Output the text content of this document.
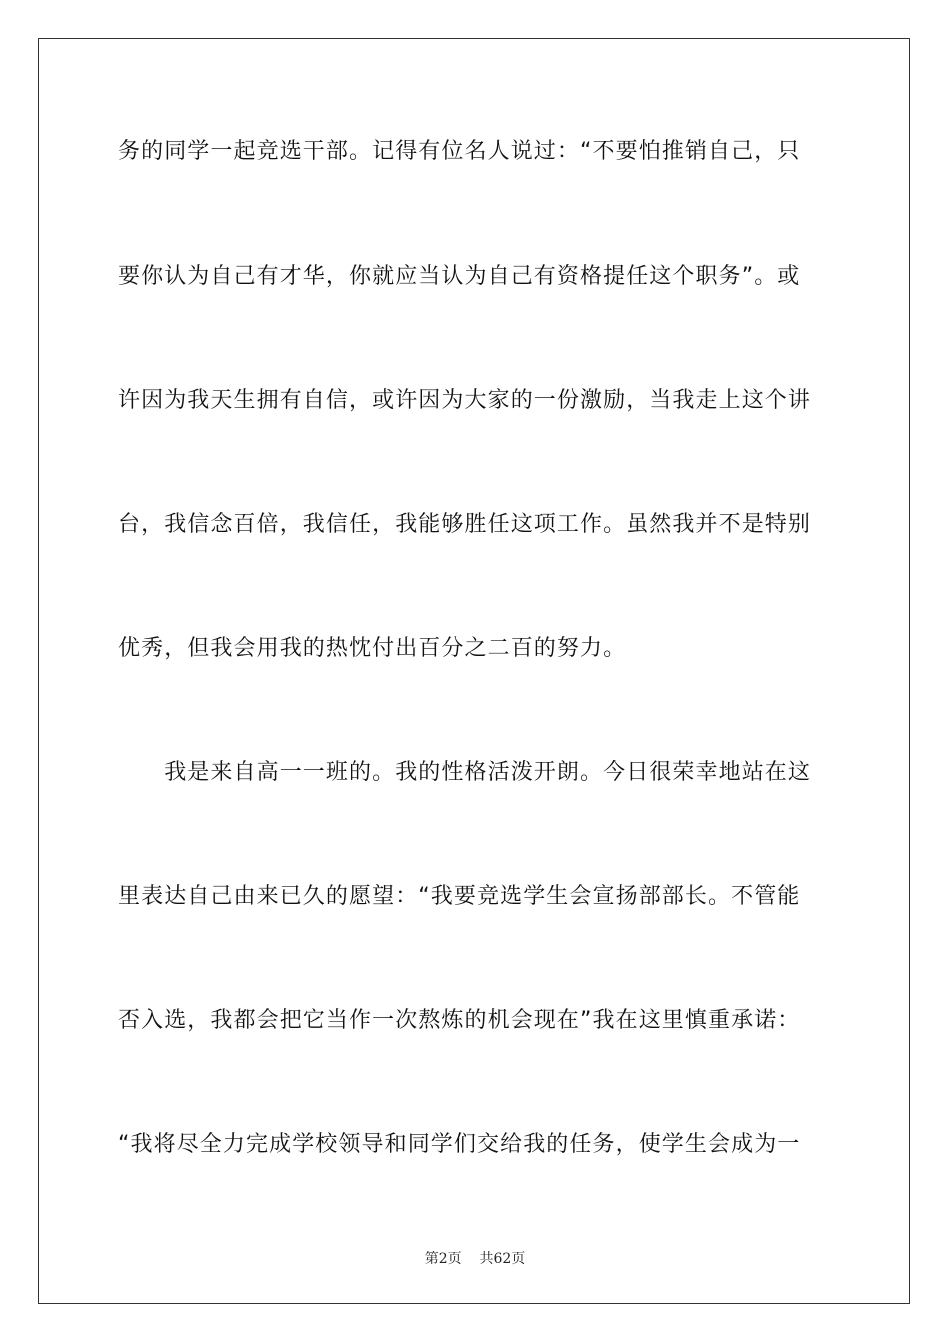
务的同学一起竞选干部。记得有位名人说过：“不要怕推销自己，只
要你认为自己有才华，你就应当认为自己有资格提任这个职务”。或
许因为我天生拥有自信，或许因为大家的一份激励，当我走上这个讲
台，我信念百倍，我信任，我能够胜任这项工作。虽然我并不是特别
优秀，但我会用我的热忱付出百分之二百的努力。
　　我是来自高一一班的。我的性格活泼开朗。今日很荣幸地站在这
里表达自己由来已久的愿望：“我要竞选学生会宣扬部部长。不管能
否入选，我都会把它当作一次熬炼的机会现在”我在这里慎重承诺：
“我将尽全力完成学校领导和同学们交给我的任务，使学生会成为一
第2页 共62页
